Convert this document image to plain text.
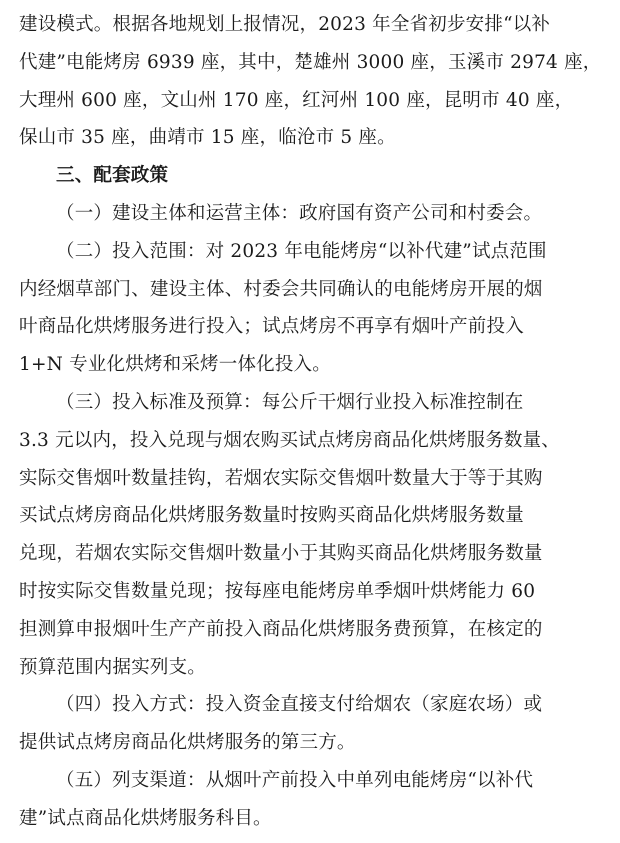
建设模式。根据各地规划上报情况，2023 年全省初步安排“以补
代建”电能烤房 6939 座，其中，楚雄州 3000 座，玉溪市 2974 座，
大理州 600 座，文山州 170 座，红河州 100 座，昆明市 40 座，
保山市 35 座，曲靖市 15 座，临沧市 5 座。
三、配套政策
（一）建设主体和运营主体：政府国有资产公司和村委会。
（二）投入范围：对 2023 年电能烤房“以补代建”试点范围
内经烟草部门、建设主体、村委会共同确认的电能烤房开展的烟
叶商品化烘烤服务进行投入；试点烤房不再享有烟叶产前投入
1+N 专业化烘烤和采烤一体化投入。
（三）投入标准及预算：每公斤干烟行业投入标准控制在
3.3 元以内，投入兑现与烟农购买试点烤房商品化烘烤服务数量、
实际交售烟叶数量挂钩，若烟农实际交售烟叶数量大于等于其购
买试点烤房商品化烘烤服务数量时按购买商品化烘烤服务数量
兑现，若烟农实际交售烟叶数量小于其购买商品化烘烤服务数量
时按实际交售数量兑现；按每座电能烤房单季烟叶烘烤能力 60
担测算申报烟叶生产产前投入商品化烘烤服务费预算，在核定的
预算范围内据实列支。
（四）投入方式：投入资金直接支付给烟农（家庭农场）或
提供试点烤房商品化烘烤服务的第三方。
（五）列支渠道：从烟叶产前投入中单列电能烤房“以补代
建”试点商品化烘烤服务科目。
